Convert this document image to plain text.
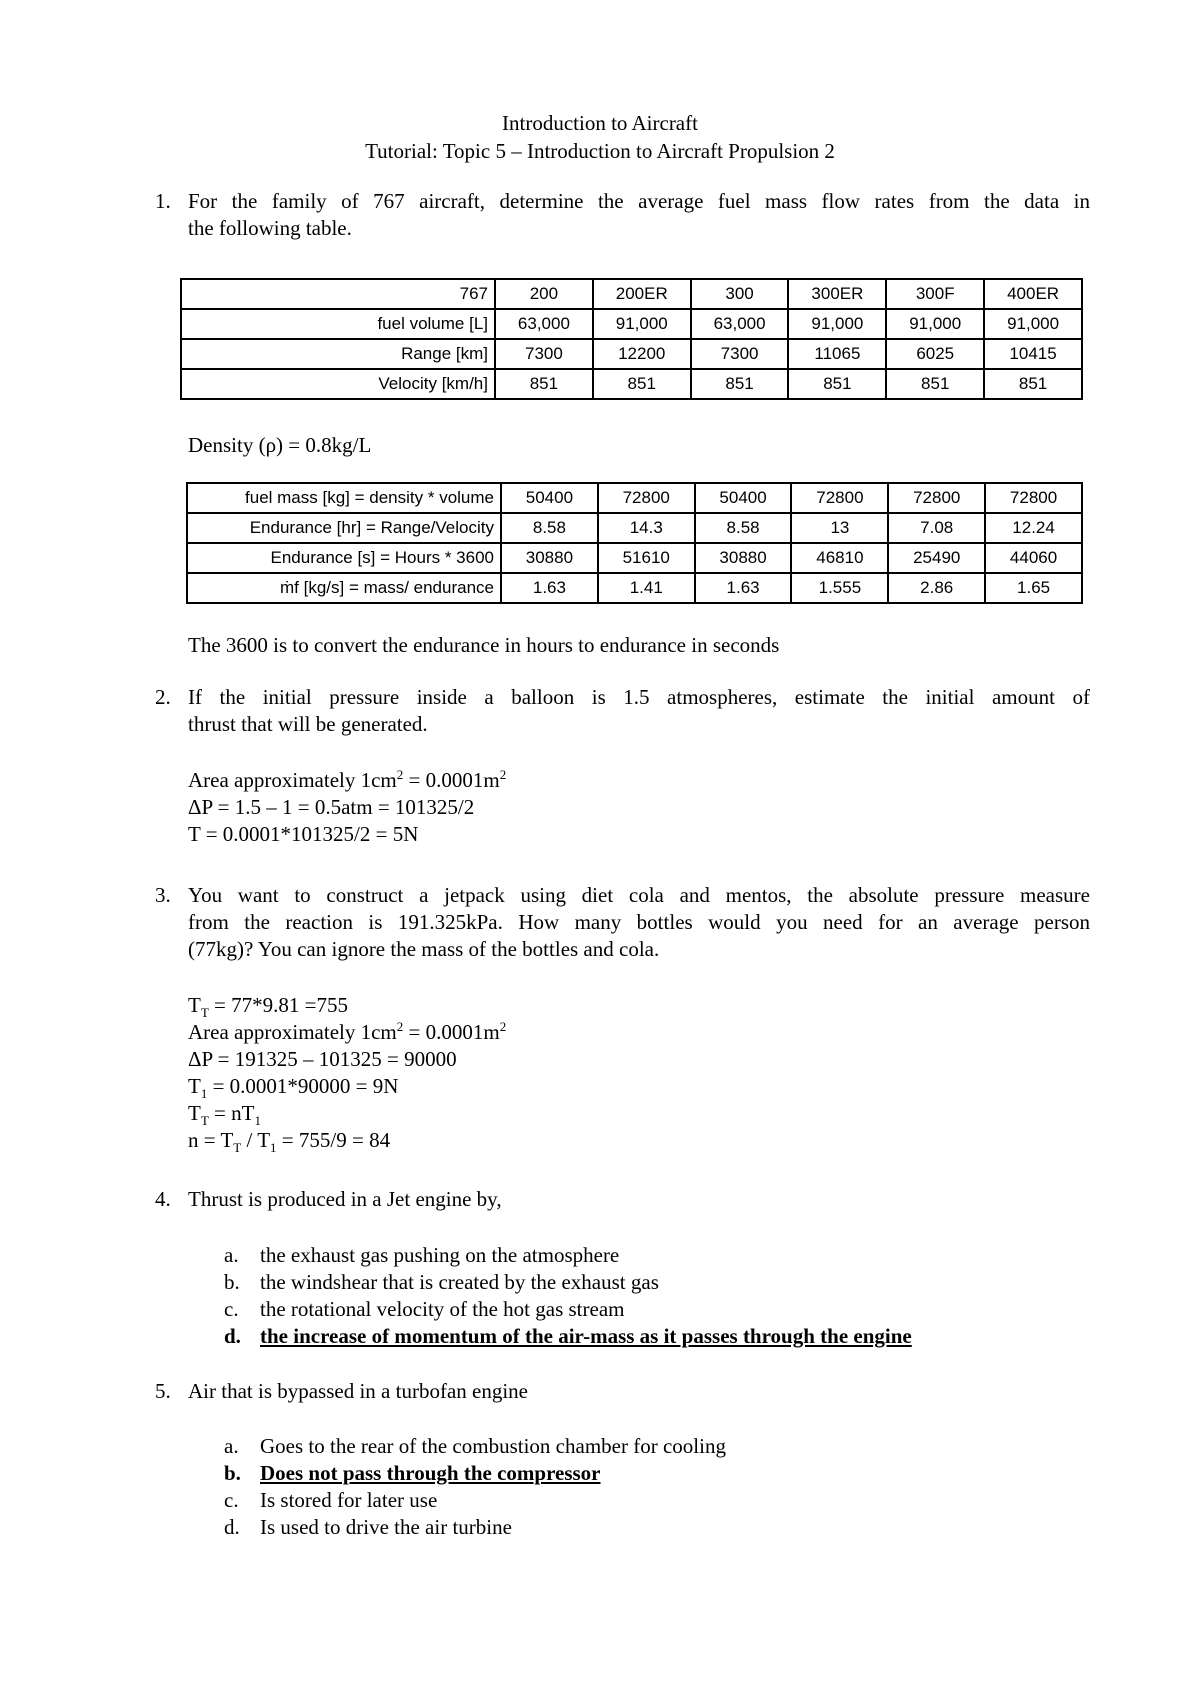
Introduction to Aircraft
Tutorial: Topic 5 – Introduction to Aircraft Propulsion 2
1. For the family of 767 aircraft, determine the average fuel mass flow rates from the data in
the following table.
767	200	200ER	300	300ER	300F	400ER
fuel volume [L]	63,000	91,000	63,000	91,000	91,000	91,000
Range [km]	7300	12200	7300	11065	6025	10415
Velocity [km/h]	851	851	851	851	851	851
Density (ρ) = 0.8kg/L
fuel mass [kg] = density * volume	50400	72800	50400	72800	72800	72800
Endurance [hr] = Range/Velocity	8.58	14.3	8.58	13	7.08	12.24
Endurance [s] = Hours * 3600	30880	51610	30880	46810	25490	44060
ṁf [kg/s] = mass/ endurance	1.63	1.41	1.63	1.555	2.86	1.65
The 3600 is to convert the endurance in hours to endurance in seconds
2. If the initial pressure inside a balloon is 1.5 atmospheres, estimate the initial amount of
thrust that will be generated.
Area approximately $1cm^2 = 0.0001m^2$
ΔP = 1.5 – 1 = 0.5atm = 101325/2
T = 0.0001*101325/2 = 5N
3. You want to construct a jetpack using diet cola and mentos, the absolute pressure measure
from the reaction is 191.325kPa. How many bottles would you need for an average person
(77kg)? You can ignore the mass of the bottles and cola.
$T_T = 77*9.81 =755$
Area approximately $1cm^2 = 0.0001m^2$
ΔP = 191325 – 101325 = 90000
$T_1 = 0.0001*90000 = 9N$
$T_T = nT_1$
$n = T_T / T_1 = 755/9 = 84$
4. Thrust is produced in a Jet engine by,
a. the exhaust gas pushing on the atmosphere
b. the windshear that is created by the exhaust gas
c. the rotational velocity of the hot gas stream
d. the increase of momentum of the air-mass as it passes through the engine
5. Air that is bypassed in a turbofan engine
a. Goes to the rear of the combustion chamber for cooling
b. Does not pass through the compressor
c. Is stored for later use
d. Is used to drive the air turbine
